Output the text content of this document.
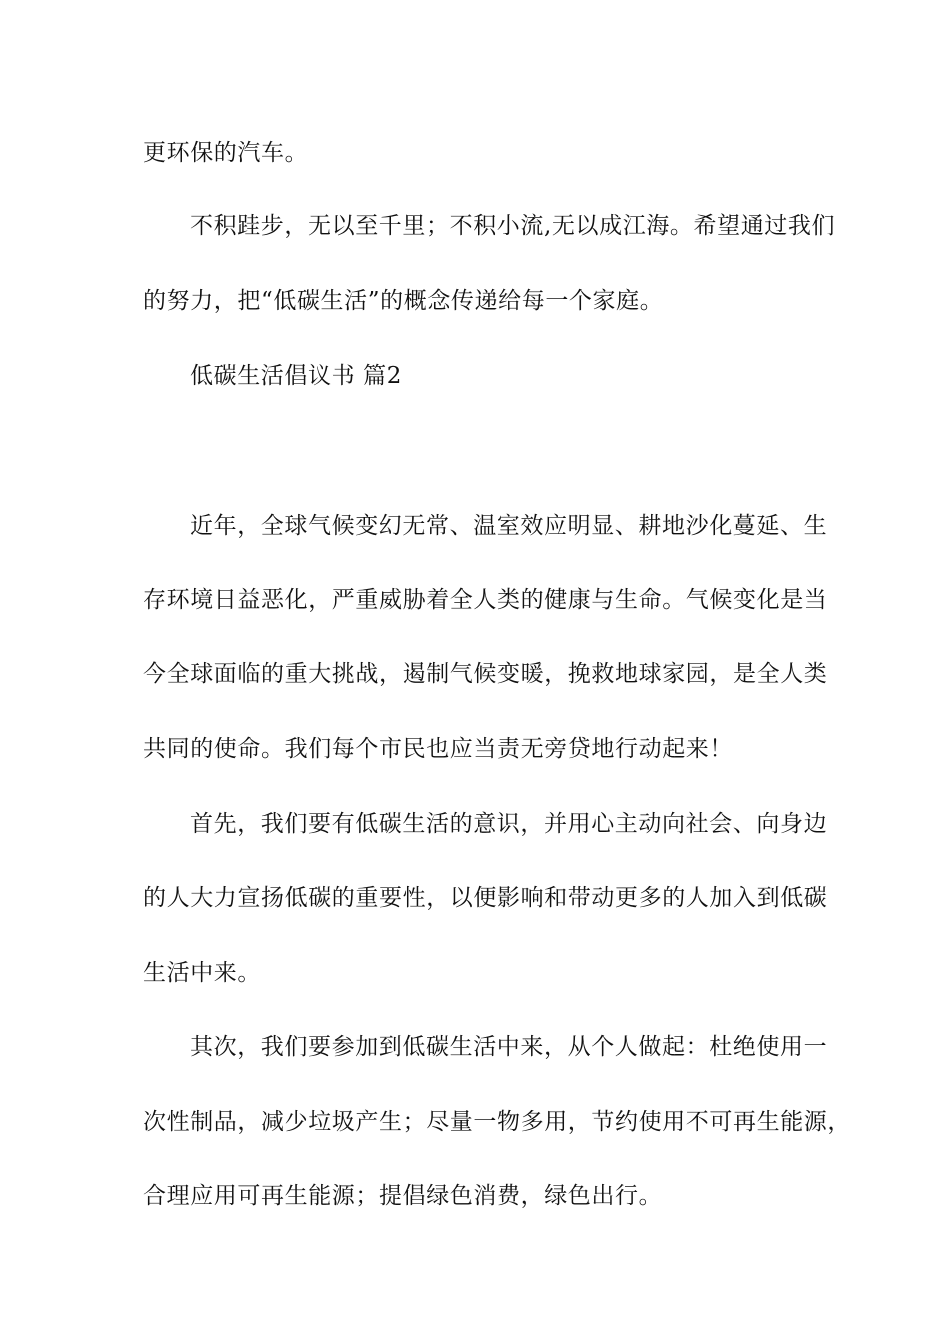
更环保的汽车。
不积跬步，无以至千里；不积小流,无以成江海。希望通过我们
的努力，把“低碳生活”的概念传递给每一个家庭。
低碳生活倡议书 篇2
近年，全球气候变幻无常、温室效应明显、耕地沙化蔓延、生
存环境日益恶化，严重威胁着全人类的健康与生命。气候变化是当
今全球面临的重大挑战，遏制气候变暖，挽救地球家园，是全人类
共同的使命。我们每个市民也应当责无旁贷地行动起来！
首先，我们要有低碳生活的意识，并用心主动向社会、向身边
的人大力宣扬低碳的重要性，以便影响和带动更多的人加入到低碳
生活中来。
其次，我们要参加到低碳生活中来，从个人做起：杜绝使用一
次性制品，减少垃圾产生；尽量一物多用，节约使用不可再生能源，
合理应用可再生能源；提倡绿色消费，绿色出行。
